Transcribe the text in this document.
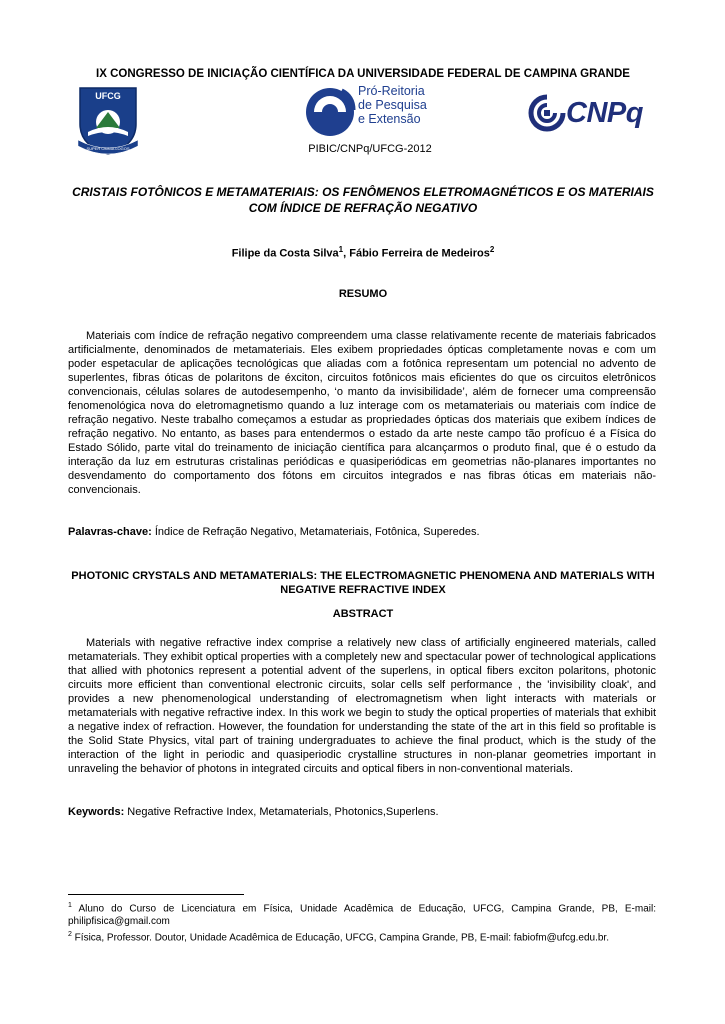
IX CONGRESSO DE INICIAÇÃO CIENTÍFICA DA UNIVERSIDADE FEDERAL DE CAMPINA GRANDE
UFCG
SUPER OMNIA LOGOS
Pró-Reitoria
de Pesquisa
e Extensão
PIBIC/CNPq/UFCG-2012
CNPq
CRISTAIS FOTÔNICOS E METAMATERIAIS: OS FENÔMENOS ELETROMAGNÉTICOS E OS MATERIAIS COM ÍNDICE DE REFRAÇÃO NEGATIVO
Filipe da Costa Silva$^1$, Fábio Ferreira de Medeiros$^2$
RESUMO
Materiais com índice de refração negativo compreendem uma classe relativamente recente de materiais fabricados artificialmente, denominados de metamateriais. Eles exibem propriedades ópticas completamente novas e com um poder espetacular de aplicações tecnológicas que aliadas com a fotônica representam um potencial no advento de superlentes, fibras óticas de polaritons de éxciton, circuitos fotônicos mais eficientes do que os circuitos eletrônicos convencionais, células solares de autodesempenho, ‘o manto da invisibilidade’, além de fornecer uma compreensão fenomenológica nova do eletromagnetismo quando a luz interage com os metamateriais ou materiais com índice de refração negativo. Neste trabalho começamos a estudar as propriedades ópticas dos materiais que exibem índices de refração negativo. No entanto, as bases para entendermos o estado da arte neste campo tão profícuo é a Física do Estado Sólido, parte vital do treinamento de iniciação científica para alcançarmos o produto final, que é o estudo da interação da luz em estruturas cristalinas periódicas e quasiperiódicas em geometrias não-planares importantes no desvendamento do comportamento dos fótons em circuitos integrados e nas fibras óticas em materiais não-convencionais.
Palavras-chave: Índice de Refração Negativo, Metamateriais, Fotônica, Superedes.
PHOTONIC CRYSTALS AND METAMATERIALS: THE ELECTROMAGNETIC PHENOMENA AND MATERIALS WITH NEGATIVE REFRACTIVE INDEX
ABSTRACT
Materials with negative refractive index comprise a relatively new class of artificially engineered materials, called metamaterials. They exhibit optical properties with a completely new and spectacular power of technological applications that allied with photonics represent a potential advent of the superlens, in optical fibers exciton polaritons, photonic circuits more efficient than conventional electronic circuits, solar cells self performance , the 'invisibility cloak', and provides a new phenomenological understanding of electromagnetism when light interacts with materials or metamaterials with negative refractive index. In this work we begin to study the optical properties of materials that exhibit a negative index of refraction. However, the foundation for understanding the state of the art in this field so profitable is the Solid State Physics, vital part of training undergraduates to achieve the final product, which is the study of the interaction of the light in periodic and quasiperiodic crystalline structures in non-planar geometries important in unraveling the behavior of photons in integrated circuits and optical fibers in non-conventional materials.
Keywords: Negative Refractive Index, Metamaterials, Photonics,Superlens.

$^1$ Aluno do Curso de Licenciatura em Física, Unidade Acadêmica de Educação, UFCG, Campina Grande, PB, E-mail: philipfisica@gmail.com

$^2$ Física, Professor. Doutor, Unidade Acadêmica de Educação, UFCG, Campina Grande, PB, E-mail: fabiofm@ufcg.edu.br.
